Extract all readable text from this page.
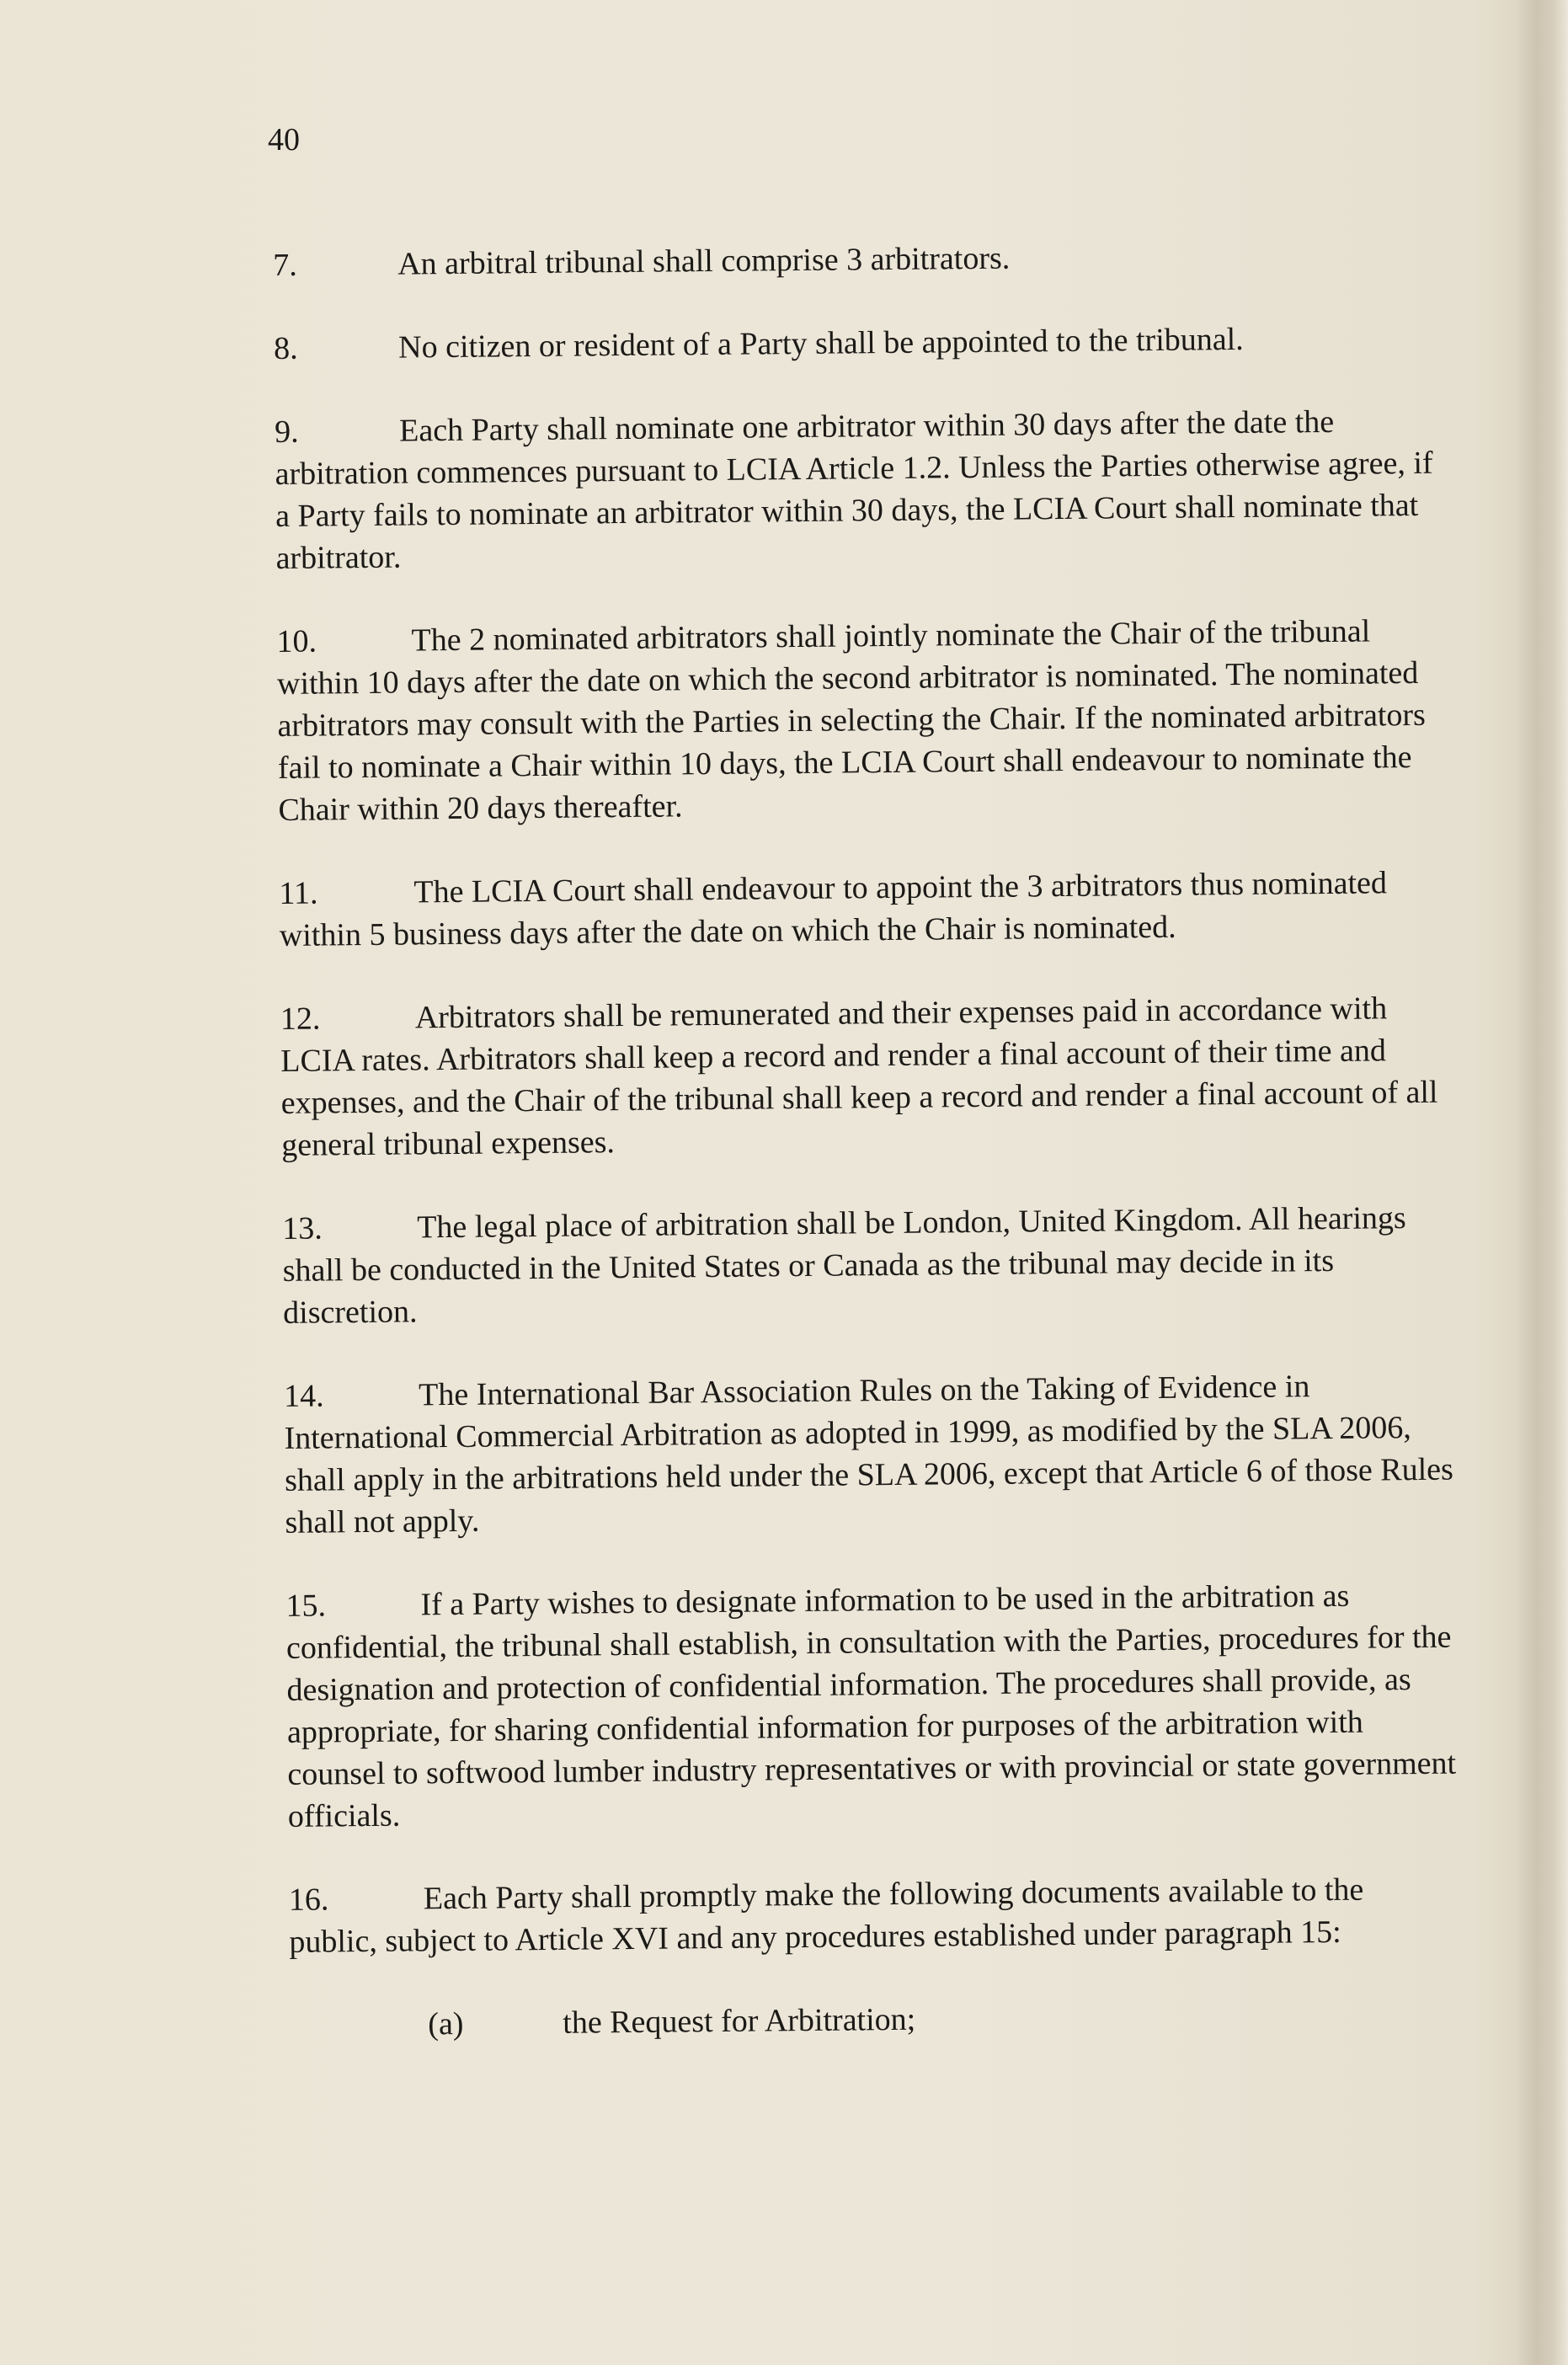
40

7.	An arbitral tribunal shall comprise 3 arbitrators.

8.	No citizen or resident of a Party shall be appointed to the tribunal.

9.	Each Party shall nominate one arbitrator within 30 days after the date the arbitration commences pursuant to LCIA Article 1.2. Unless the Parties otherwise agree, if a Party fails to nominate an arbitrator within 30 days, the LCIA Court shall nominate that arbitrator.

10.	The 2 nominated arbitrators shall jointly nominate the Chair of the tribunal within 10 days after the date on which the second arbitrator is nominated. The nominated arbitrators may consult with the Parties in selecting the Chair. If the nominated arbitrators fail to nominate a Chair within 10 days, the LCIA Court shall endeavour to nominate the Chair within 20 days thereafter.

11.	The LCIA Court shall endeavour to appoint the 3 arbitrators thus nominated within 5 business days after the date on which the Chair is nominated.

12.	Arbitrators shall be remunerated and their expenses paid in accordance with LCIA rates. Arbitrators shall keep a record and render a final account of their time and expenses, and the Chair of the tribunal shall keep a record and render a final account of all general tribunal expenses.

13.	The legal place of arbitration shall be London, United Kingdom. All hearings shall be conducted in the United States or Canada as the tribunal may decide in its discretion.

14.	The International Bar Association Rules on the Taking of Evidence in International Commercial Arbitration as adopted in 1999, as modified by the SLA 2006, shall apply in the arbitrations held under the SLA 2006, except that Article 6 of those Rules shall not apply.

15.	If a Party wishes to designate information to be used in the arbitration as confidential, the tribunal shall establish, in consultation with the Parties, procedures for the designation and protection of confidential information. The procedures shall provide, as appropriate, for sharing confidential information for purposes of the arbitration with counsel to softwood lumber industry representatives or with provincial or state government officials.

16.	Each Party shall promptly make the following documents available to the public, subject to Article XVI and any procedures established under paragraph 15:

(a)	the Request for Arbitration;
